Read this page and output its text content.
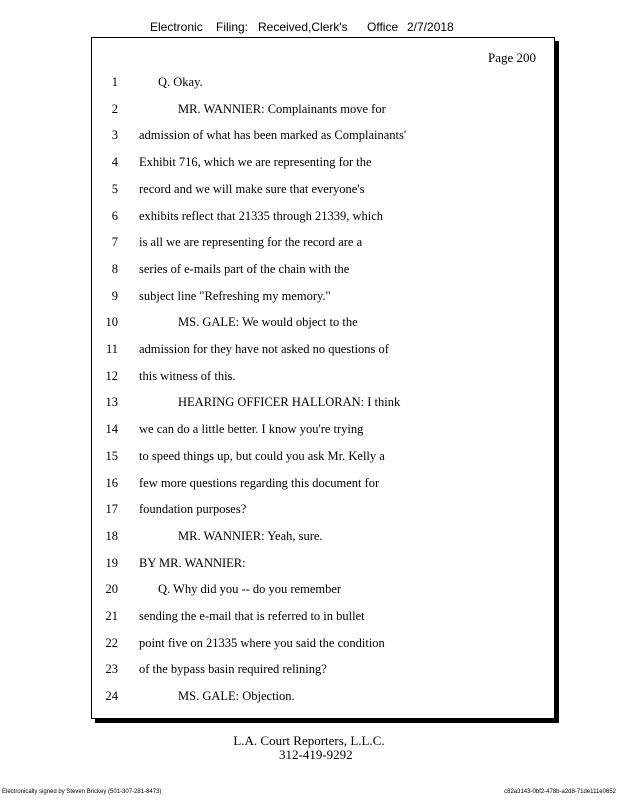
Electronic Filing: Received,Clerk's Office 2/7/2018
Page 200
1	Q. Okay.
2	MR. WANNIER: Complainants move for
3 admission of what has been marked as Complainants'
4 Exhibit 716, which we are representing for the
5 record and we will make sure that everyone's
6 exhibits reflect that 21335 through 21339, which
7 is all we are representing for the record are a
8 series of e-mails part of the chain with the
9 subject line "Refreshing my memory."
10	MS. GALE: We would object to the
11 admission for they have not asked no questions of
12 this witness of this.
13	HEARING OFFICER HALLORAN: I think
14 we can do a little better. I know you're trying
15 to speed things up, but could you ask Mr. Kelly a
16 few more questions regarding this document for
17 foundation purposes?
18	MR. WANNIER: Yeah, sure.
19 BY MR. WANNIER:
20	Q. Why did you -- do you remember
21 sending the e-mail that is referred to in bullet
22 point five on 21335 where you said the condition
23 of the bypass basin required relining?
24	MS. GALE: Objection.
L.A. Court Reporters, L.L.C.
312-419-9292
Electronically signed by Steven Brickey (501-307-281-8473)	c82a3143-0bf2-478b-a2d8-71de111e0652
